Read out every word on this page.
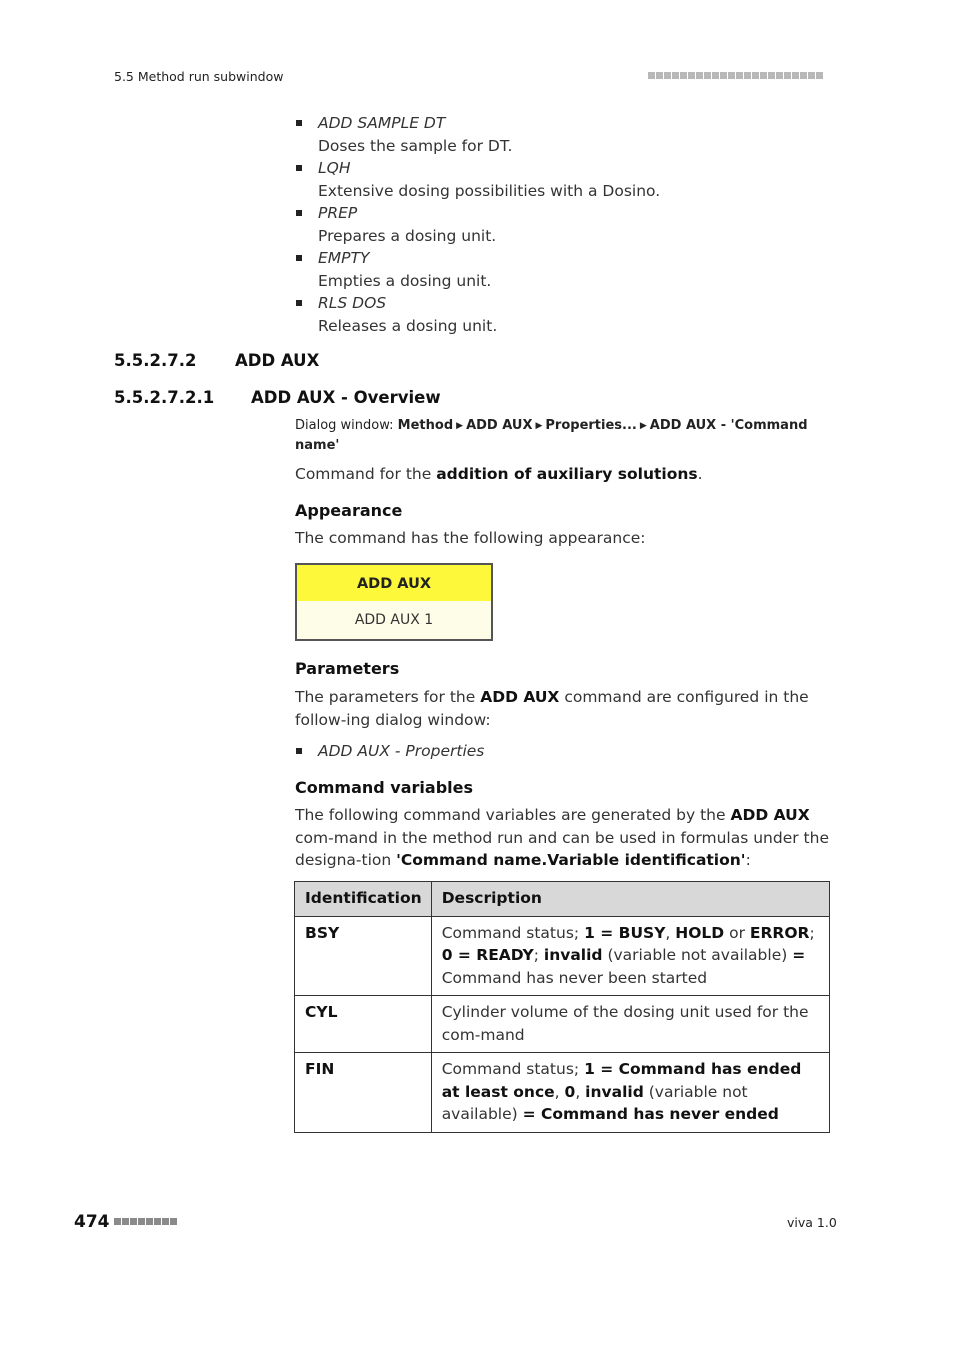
5.5 Method run subwindow
ADD SAMPLE DT
Doses the sample for DT.
LQH
Extensive dosing possibilities with a Dosino.
PREP
Prepares a dosing unit.
EMPTY
Empties a dosing unit.
RLS DOS
Releases a dosing unit.
5.5.2.7.2 ADD AUX
5.5.2.7.2.1 ADD AUX - Overview
Dialog window: Method ▶ ADD AUX ▶ Properties... ▶ ADD AUX - 'Command name'
Command for the addition of auxiliary solutions.
Appearance
The command has the following appearance:
ADD AUX
ADD AUX 1
Parameters
The parameters for the ADD AUX command are configured in the follow-ing dialog window:
ADD AUX - Properties
Command variables
The following command variables are generated by the ADD AUX com-mand in the method run and can be used in formulas under the designa-tion 'Command name.Variable identification':
Identification	Description
BSY	Command status; 1 = BUSY, HOLD or ERROR; 0 = READY; invalid (variable not available) = Command has never been started
CYL	Cylinder volume of the dosing unit used for the com-mand
FIN	Command status; 1 = Command has ended at least once, 0, invalid (variable not available) = Command has never ended
474	viva 1.0
